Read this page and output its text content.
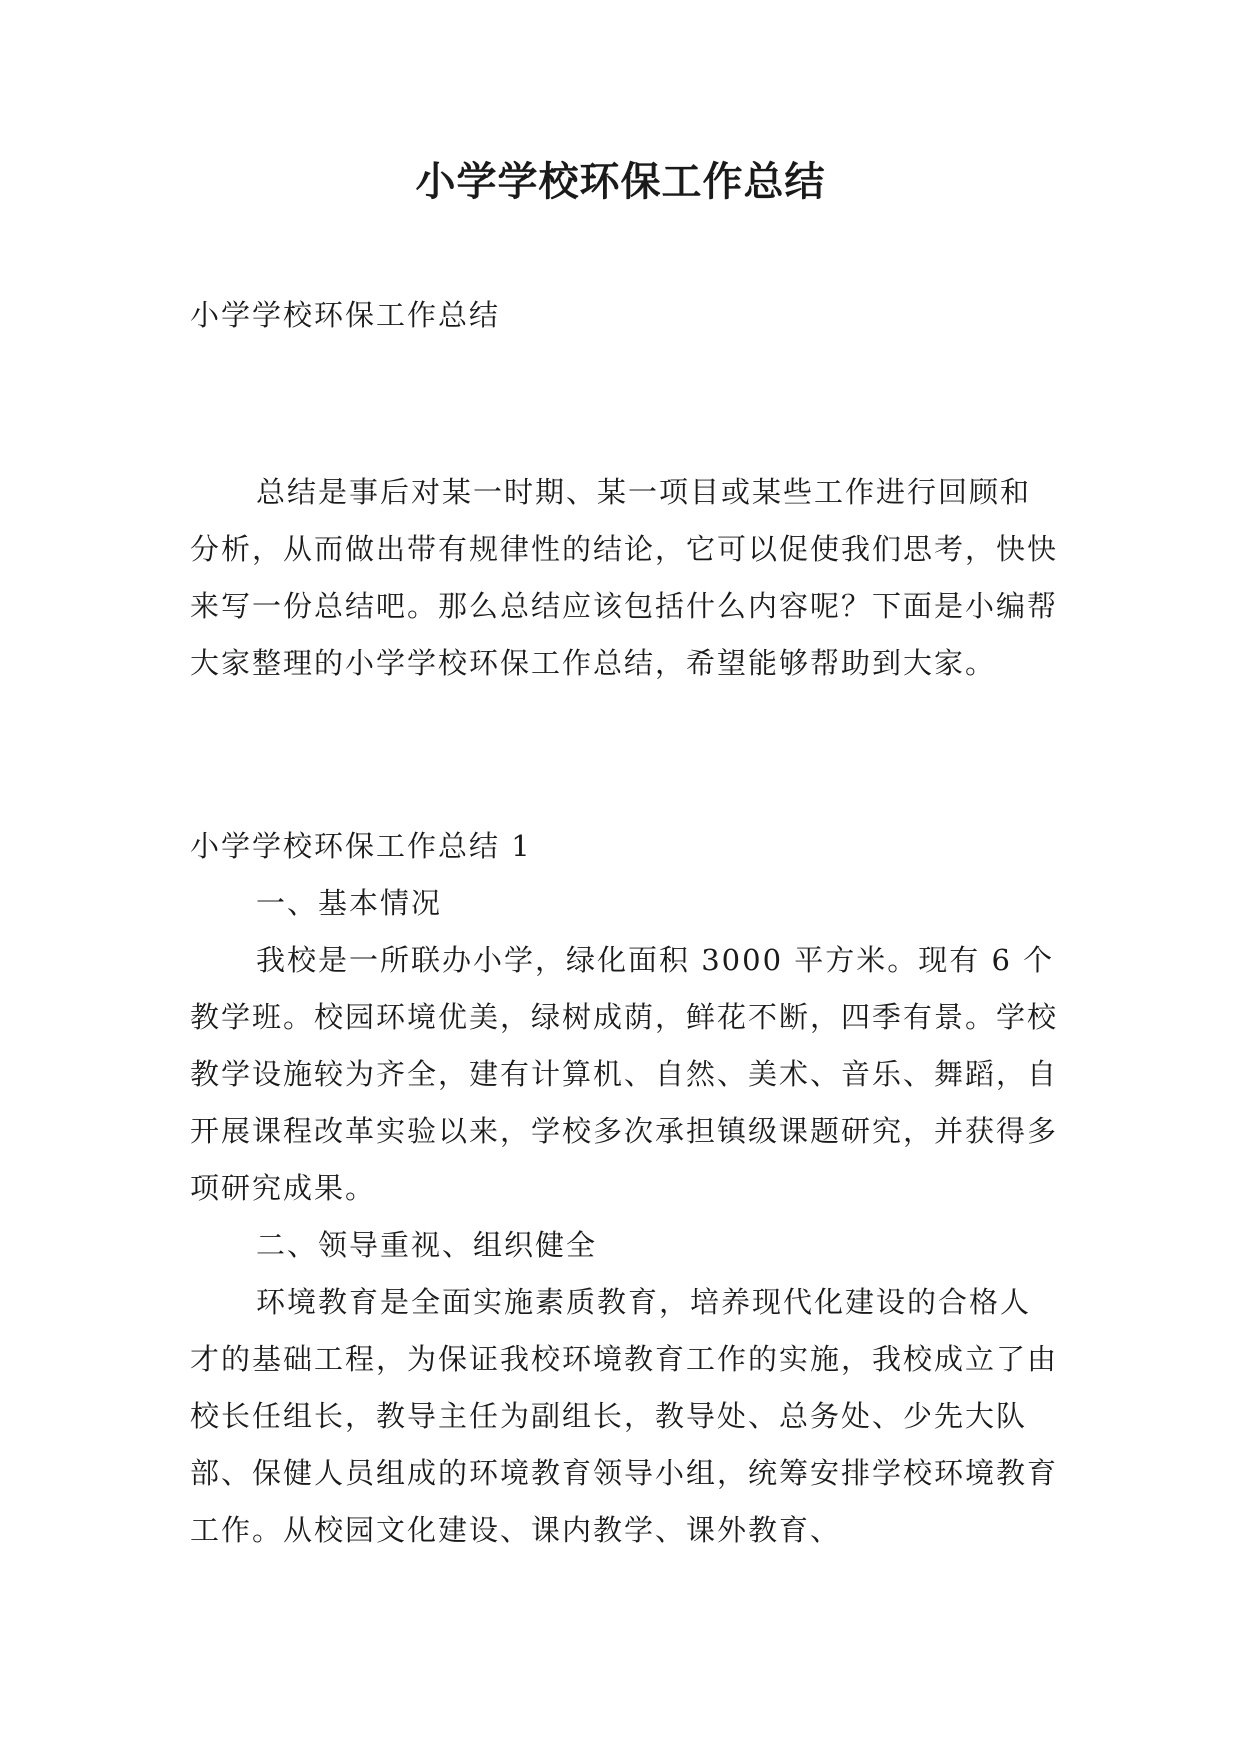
小学学校环保工作总结

小学学校环保工作总结

总结是事后对某一时期、某一项目或某些工作进行回顾和分析，从而做出带有规律性的结论，它可以促使我们思考，快快来写一份总结吧。那么总结应该包括什么内容呢？下面是小编帮大家整理的小学学校环保工作总结，希望能够帮助到大家。

小学学校环保工作总结 1

一、基本情况

我校是一所联办小学，绿化面积 3000 平方米。现有 6 个教学班。校园环境优美，绿树成荫，鲜花不断，四季有景。学校教学设施较为齐全，建有计算机、自然、美术、音乐、舞蹈，自开展课程改革实验以来，学校多次承担镇级课题研究，并获得多项研究成果。

二、领导重视、组织健全

环境教育是全面实施素质教育，培养现代化建设的合格人才的基础工程，为保证我校环境教育工作的实施，我校成立了由校长任组长，教导主任为副组长，教导处、总务处、少先大队部、保健人员组成的环境教育领导小组，统筹安排学校环境教育工作。从校园文化建设、课内教学、课外教育、
